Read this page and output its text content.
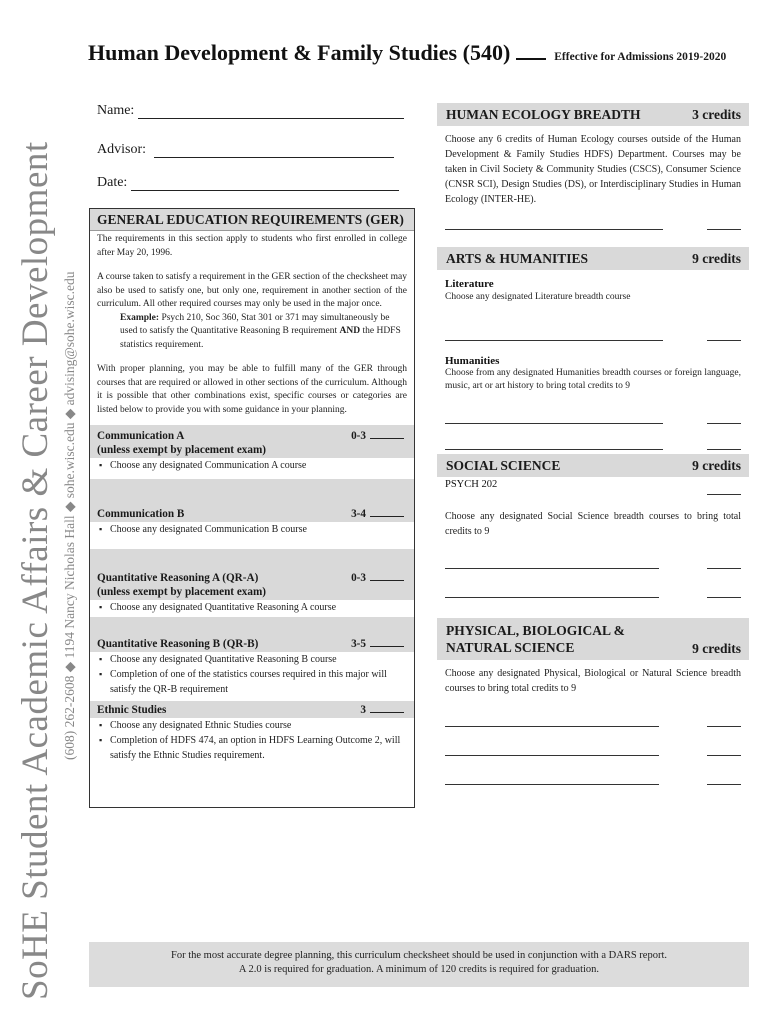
SoHE Student Academic Affairs & Career Development (608) 262-2608 ◆ 1194 Nancy Nicholas Hall ◆ sohe.wisc.edu ◆ advising@sohe.wisc.edu
Human Development & Family Studies (540)	Effective for Admissions 2019-2020
Name:
Advisor:
Date:
GENERAL EDUCATION REQUIREMENTS (GER)
The requirements in this section apply to students who first enrolled in college after May 20, 1996.
A course taken to satisfy a requirement in the GER section of the checksheet may also be used to satisfy one, but only one, requirement in another section of the curriculum. All other required courses may only be used in the major once.
Example: Psych 210, Soc 360, Stat 301 or 371 may simultaneously be used to satisfy the Quantitative Reasoning B requirement AND the HDFS statistics requirement.
With proper planning, you may be able to fulfill many of the GER through courses that are required or allowed in other sections of the curriculum. Although it is possible that other combinations exist, specific courses or categories are listed below to provide you with some guidance in your planning.
Communication A
(unless exempt by placement exam)
0-3
▪ Choose any designated Communication A course
Communication B	3-4
▪ Choose any designated Communication B course
Quantitative Reasoning A (QR-A)
(unless exempt by placement exam)
0-3
▪ Choose any designated Quantitative Reasoning A course
Quantitative Reasoning B (QR-B)	3-5
▪ Choose any designated Quantitative Reasoning B course
▪ Completion of one of the statistics courses required in this major will satisfy the QR-B requirement
Ethnic Studies	3
▪ Choose any designated Ethnic Studies course
▪ Completion of HDFS 474, an option in HDFS Learning Outcome 2, will satisfy the Ethnic Studies requirement.
HUMAN ECOLOGY BREADTH	3 credits
Choose any 6 credits of Human Ecology courses outside of the Human Development & Family Studies HDFS) Department. Courses may be taken in Civil Society & Community Studies (CSCS), Consumer Science (CNSR SCI), Design Studies (DS), or Interdisciplinary Studies in Human Ecology (INTER-HE).
ARTS & HUMANITIES	9 credits
Literature
Choose any designated Literature breadth course
Humanities
Choose from any designated Humanities breadth courses or foreign language, music, art or art history to bring total credits to 9
SOCIAL SCIENCE	9 credits
PSYCH 202
Choose any designated Social Science breadth courses to bring total credits to 9
PHYSICAL, BIOLOGICAL &
NATURAL SCIENCE	9 credits
Choose any designated Physical, Biological or Natural Science breadth courses to bring total credits to 9
For the most accurate degree planning, this curriculum checksheet should be used in conjunction with a DARS report.
A 2.0 is required for graduation. A minimum of 120 credits is required for graduation.
